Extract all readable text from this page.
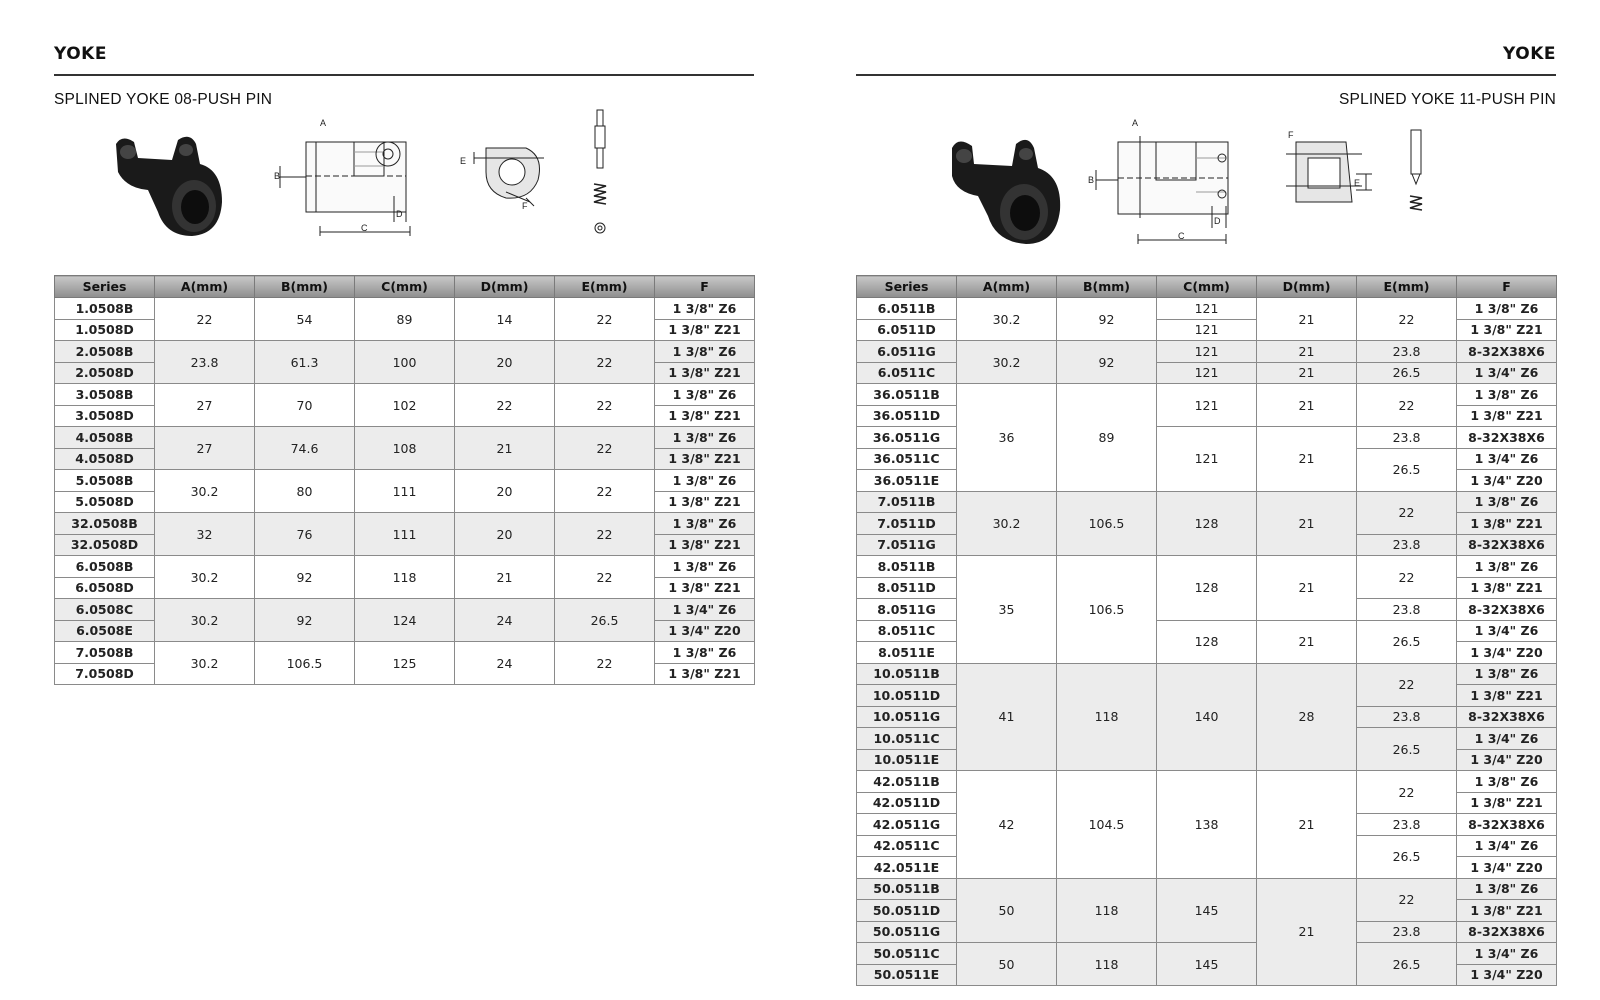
YOKE
SPLINED YOKE 08-PUSH PIN
A
B
C
D
E
F
Series	A(mm)	B(mm)	C(mm)	D(mm)	E(mm)	F
1.0508B	22	54	89	14	22	1 3/8" Z6
1.0508D						1 3/8" Z21
2.0508B	23.8	61.3	100	20	22	1 3/8" Z6
2.0508D						1 3/8" Z21
3.0508B	27	70	102	22	22	1 3/8" Z6
3.0508D						1 3/8" Z21
4.0508B	27	74.6	108	21	22	1 3/8" Z6
4.0508D						1 3/8" Z21
5.0508B	30.2	80	111	20	22	1 3/8" Z6
5.0508D						1 3/8" Z21
32.0508B	32	76	111	20	22	1 3/8" Z6
32.0508D						1 3/8" Z21
6.0508B	30.2	92	118	21	22	1 3/8" Z6
6.0508D						1 3/8" Z21
6.0508C	30.2	92	124	24	26.5	1 3/4" Z6
6.0508E						1 3/4" Z20
7.0508B	30.2	106.5	125	24	22	1 3/8" Z6
7.0508D						1 3/8" Z21
YOKE
SPLINED YOKE 11-PUSH PIN
A
B
C
D
F
E
Series	A(mm)	B(mm)	C(mm)	D(mm)	E(mm)	F
6.0511B	30.2	92	121	21	22	1 3/8" Z6
6.0511D			121			1 3/8" Z21
6.0511G	30.2	92	121	21	23.8	8-32X38X6
6.0511C			121	21	26.5	1 3/4" Z6
36.0511B	36	89	121	21	22	1 3/8" Z6
36.0511D						1 3/8" Z21
36.0511G			121	21	23.8	8-32X38X6
36.0511C					26.5	1 3/4" Z6
36.0511E						1 3/4" Z20
7.0511B	30.2	106.5	128	21	22	1 3/8" Z6
7.0511D						1 3/8" Z21
7.0511G					23.8	8-32X38X6
8.0511B	35	106.5	128	21	22	1 3/8" Z6
8.0511D						1 3/8" Z21
8.0511G					23.8	8-32X38X6
8.0511C			128	21	26.5	1 3/4" Z6
8.0511E						1 3/4" Z20
10.0511B	41	118	140	28	22	1 3/8" Z6
10.0511D						1 3/8" Z21
10.0511G					23.8	8-32X38X6
10.0511C					26.5	1 3/4" Z6
10.0511E						1 3/4" Z20
42.0511B	42	104.5	138	21	22	1 3/8" Z6
42.0511D						1 3/8" Z21
42.0511G					23.8	8-32X38X6
42.0511C					26.5	1 3/4" Z6
42.0511E						1 3/4" Z20
50.0511B	50	118	145	21	22	1 3/8" Z6
50.0511D						1 3/8" Z21
50.0511G					23.8	8-32X38X6
50.0511C	50	118	145		26.5	1 3/4" Z6
50.0511E						1 3/4" Z20
